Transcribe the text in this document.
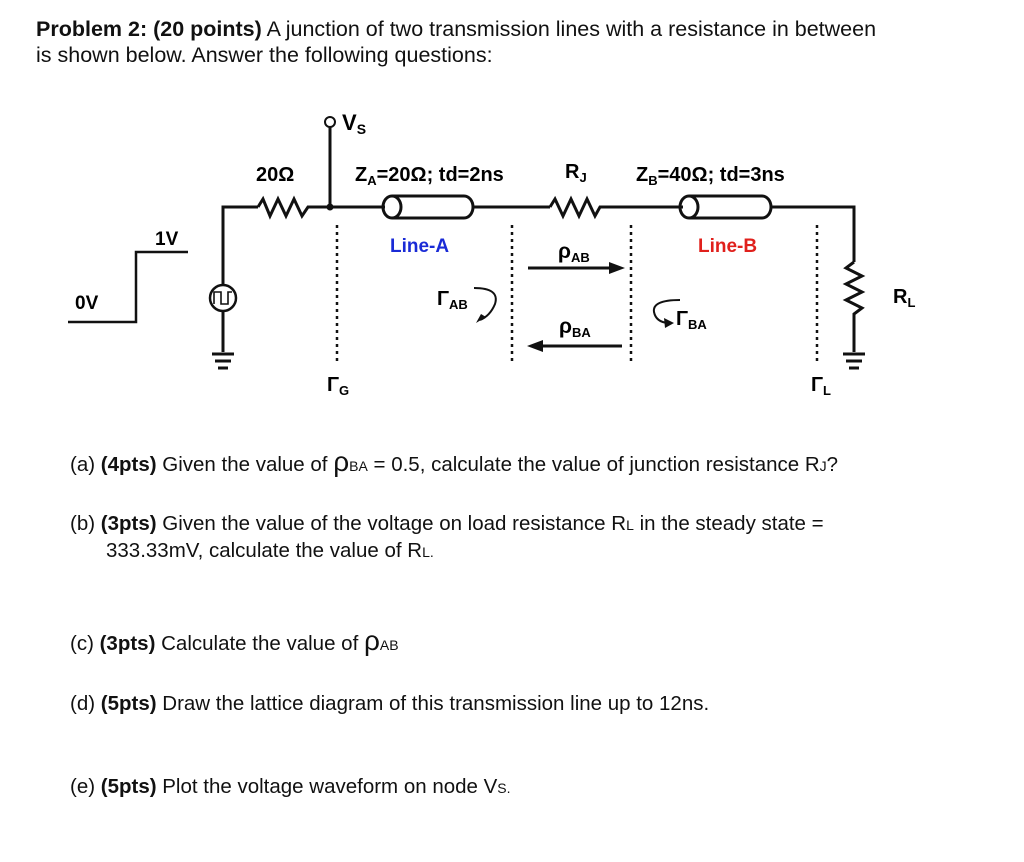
Problem 2: (20 points) A junction of two transmission lines with a resistance in between
is shown below. Answer the following questions:
VS
20Ω	$Z_A=20\Omega$; td=2ns	$R_J$ $Z_B=40\Omega$; td=3ns
1V
0V
Line-A	Line-B
ρAB
ρBA
$\Gamma_{AB}$
$\Gamma_{BA}$
$\Gamma_G$	$\Gamma_L$
$R_L$
(a) (4pts) Given the value of ρBA = 0.5, calculate the value of junction resistance RJ?
(b) (3pts) Given the value of the voltage on load resistance RL in the steady state =
333.33mV, calculate the value of RL.
(c) (3pts) Calculate the value of ρAB
(d) (5pts) Draw the lattice diagram of this transmission line up to 12ns.
(e) (5pts) Plot the voltage waveform on node VS.
